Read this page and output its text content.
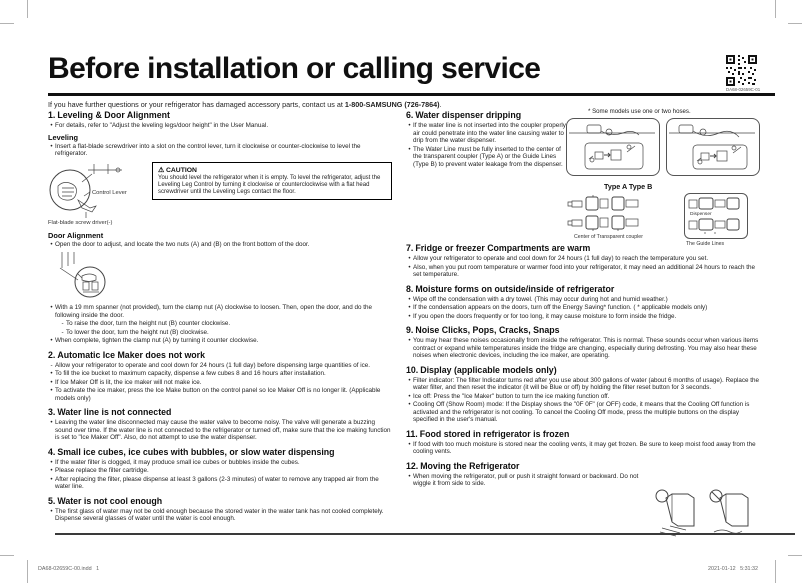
Before installation or calling service
DA68-02659C-01
If you have further questions or your refrigerator has damaged accessory parts, contact us at 1-800-SAMSUNG (726-7864).
1. Leveling & Door Alignment
• For details, refer to "Adjust the leveling legs/door height" in the User Manual.
Leveling
• Insert a flat-blade screwdriver into a slot on the control lever, turn it clockwise or counter-clockwise to level the refrigerator.
Control Lever
Flat-blade screw driver(-)
⚠ CAUTION
You should level the refrigerator when it is empty. To level the refrigerator, adjust the Leveling Leg Control by turning it clockwise or counterclockwise with a flat head screwdriver until the Leveling Legs contact the floor.
Door Alignment
• Open the door to adjust, and locate the two nuts (A) and (B) on the front bottom of the door.
• With a 19 mm spanner (not provided), turn the clamp nut (A) clockwise to loosen. Then, open the door, and do the following inside the door.
- To raise the door, turn the height nut (B) counter clockwise.
- To lower the door, turn the height nut (B) clockwise.
• When complete, tighten the clamp nut (A) by turning it counter clockwise.
2. Automatic Ice Maker does not work
- Allow your refrigerator to operate and cool down for 24 hours (1 full day) before dispensing large quantities of ice.
• To fill the ice bucket to maximum capacity, dispense a few cubes 8 and 16 hours after installation.
• If Ice Maker Off is lit, the ice maker will not make ice.
• To activate the ice maker, press the Ice Make button on the control panel so Ice Maker Off is no longer lit. (Applicable models only)
3. Water line is not connected
• Leaving the water line disconnected may cause the water valve to become noisy. The valve will generate a buzzing sound over time. If the water line is not connected to the refrigerator or turned off, make sure that the ice making function is set to "Ice Maker Off". Also, do not attempt to use the water dispenser.
4. Small ice cubes, ice cubes with bubbles, or slow water dispensing
• If the water filter is clogged, it may produce small ice cubes or bubbles inside the cubes.
• Please replace the filter cartridge.
• After replacing the filter, please dispense at least 3 gallons (2-3 minutes) of water to remove any trapped air from the water line.
5. Water is not cool enough
• The first glass of water may not be cold enough because the stored water in the water tank has not cooled completely. Dispense several glasses of water until the water is cool enough.
6. Water dispenser dripping
• If the water line is not inserted into the coupler properly, air could penetrate into the water line causing water to drip from the water dispenser.
• The Water Line must be fully inserted to the center of the transparent coupler (Type A) or the Guide Lines (Type B) to prevent water leakage from the dispenser.
7. Fridge or freezer Compartments are warm
• Allow your refrigerator to operate and cool down for 24 hours (1 full day) to reach the temperature you set.
• Also, when you put room temperature or warmer food into your refrigerator, it may need an additional 24 hours to reach the set temperature.
8. Moisture forms on outside/inside of refrigerator
• Wipe off the condensation with a dry towel. (This may occur during hot and humid weather.)
• If the condensation appears on the doors, turn off the Energy Saving* function. ( * applicable models only)
• If you open the doors frequently or for too long, it may cause moisture to form inside the fridge.
9. Noise Clicks, Pops, Cracks, Snaps
• You may hear these noises occasionally from inside the refrigerator. This is normal. These sounds occur when various items contract or expand while temperatures inside the fridge are changing, especially during defrosting. You may also hear these noises when electronic devices, including the ice maker, are operating.
10. Display (applicable models only)
• Filter indicator: The filter Indicator turns red after you use about 300 gallons of water (about 6 months of usage). Replace the water filter, and then reset the indicator (it will be Blue or off) by holding the filter reset button for 3 seconds.
• Ice off: Press the "Ice Maker" button to turn the ice making function off.
• Cooling Off (Show Room) mode: If the Display shows the "0F 0F" (or OFF) code, it means that the Cooling Off function is activated and the refrigerator is not cooling. To cancel the Cooling Off mode, press the multiple buttons on the display specified in the user's manual.
11. Food stored in refrigerator is frozen
• If food with too much moisture is stored near the cooling vents, it may get frozen. Be sure to keep moist food away from the cooling vents.
12. Moving the Refrigerator
• When moving the refrigerator, pull or push it straight forward or backward. Do not wiggle it from side to side.
* Some models use one or two hoses.
Type A Type B
Center of Transparent coupler
Dispenser
The Guide Lines
DA68-02659C-00.indd   1	2021-01-12   5:31:32
